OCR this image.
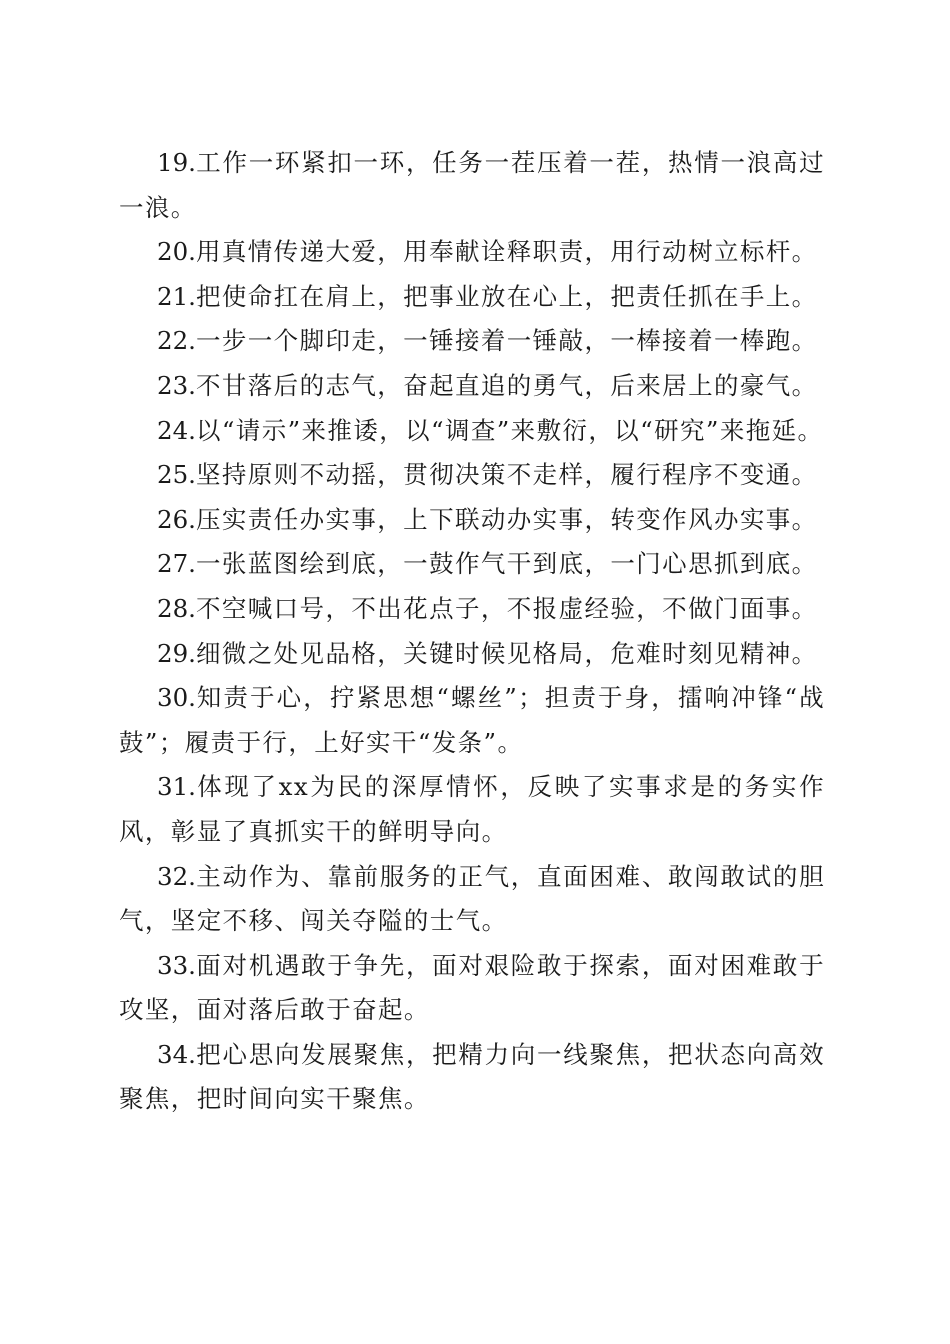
19.工作一环紧扣一环，任务一茬压着一茬，热情一浪高过一浪。

20.用真情传递大爱，用奉献诠释职责，用行动树立标杆。

21.把使命扛在肩上，把事业放在心上，把责任抓在手上。

22.一步一个脚印走，一锤接着一锤敲，一棒接着一棒跑。

23.不甘落后的志气，奋起直追的勇气，后来居上的豪气。

24.以“请示”来推诿，以“调查”来敷衍，以“研究”来拖延。

25.坚持原则不动摇，贯彻决策不走样，履行程序不变通。

26.压实责任办实事，上下联动办实事，转变作风办实事。

27.一张蓝图绘到底，一鼓作气干到底，一门心思抓到底。

28.不空喊口号，不出花点子，不报虚经验，不做门面事。

29.细微之处见品格，关键时候见格局，危难时刻见精神。

30.知责于心，拧紧思想“螺丝”；担责于身，擂响冲锋“战鼓”；履责于行，上好实干“发条”。

31.体现了xx为民的深厚情怀，反映了实事求是的务实作风，彰显了真抓实干的鲜明导向。

32.主动作为、靠前服务的正气，直面困难、敢闯敢试的胆气，坚定不移、闯关夺隘的士气。

33.面对机遇敢于争先，面对艰险敢于探索，面对困难敢于攻坚，面对落后敢于奋起。

34.把心思向发展聚焦，把精力向一线聚焦，把状态向高效聚焦，把时间向实干聚焦。
